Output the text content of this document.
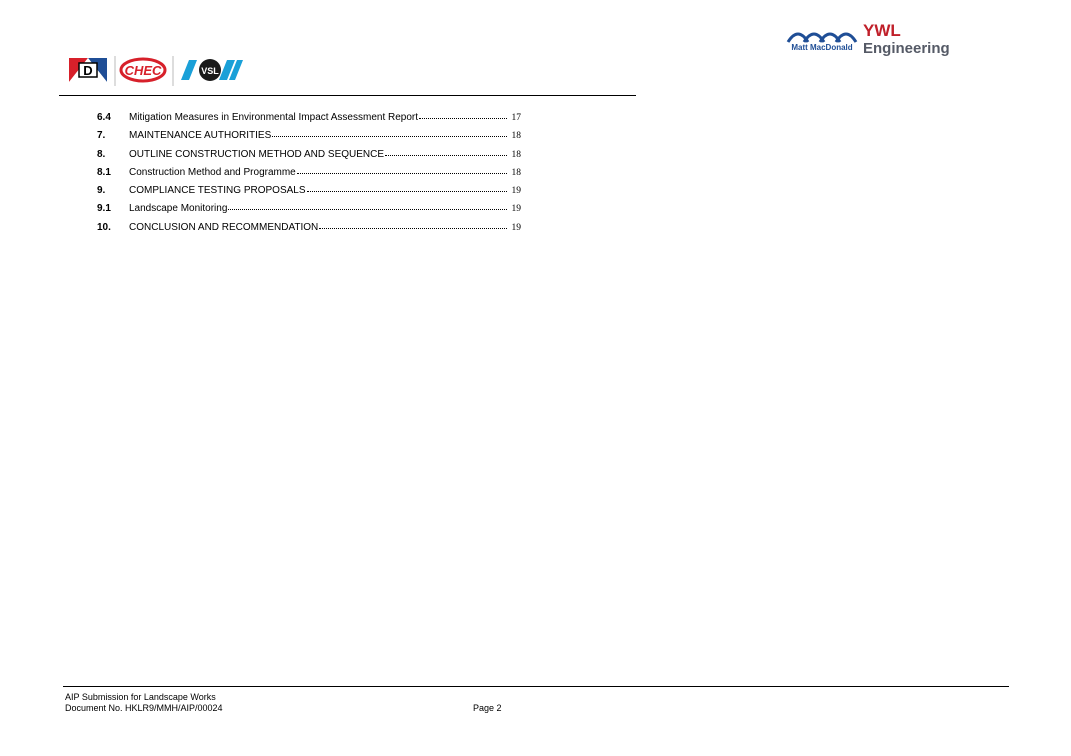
D CHEC	VSL
Matt MacDonald
YWL
Engineering
6.4	Mitigation Measures in Environmental Impact Assessment Report	17
7.	MAINTENANCE AUTHORITIES	18
8.	OUTLINE CONSTRUCTION METHOD AND SEQUENCE	18
8.1	Construction Method and Programme	18
9.	COMPLIANCE TESTING PROPOSALS	19
9.1	Landscape Monitoring	19
10.	CONCLUSION AND RECOMMENDATION	19
AIP Submission for Landscape Works
Document No. HKLR9/MMH/AIP/00024	Page 2
